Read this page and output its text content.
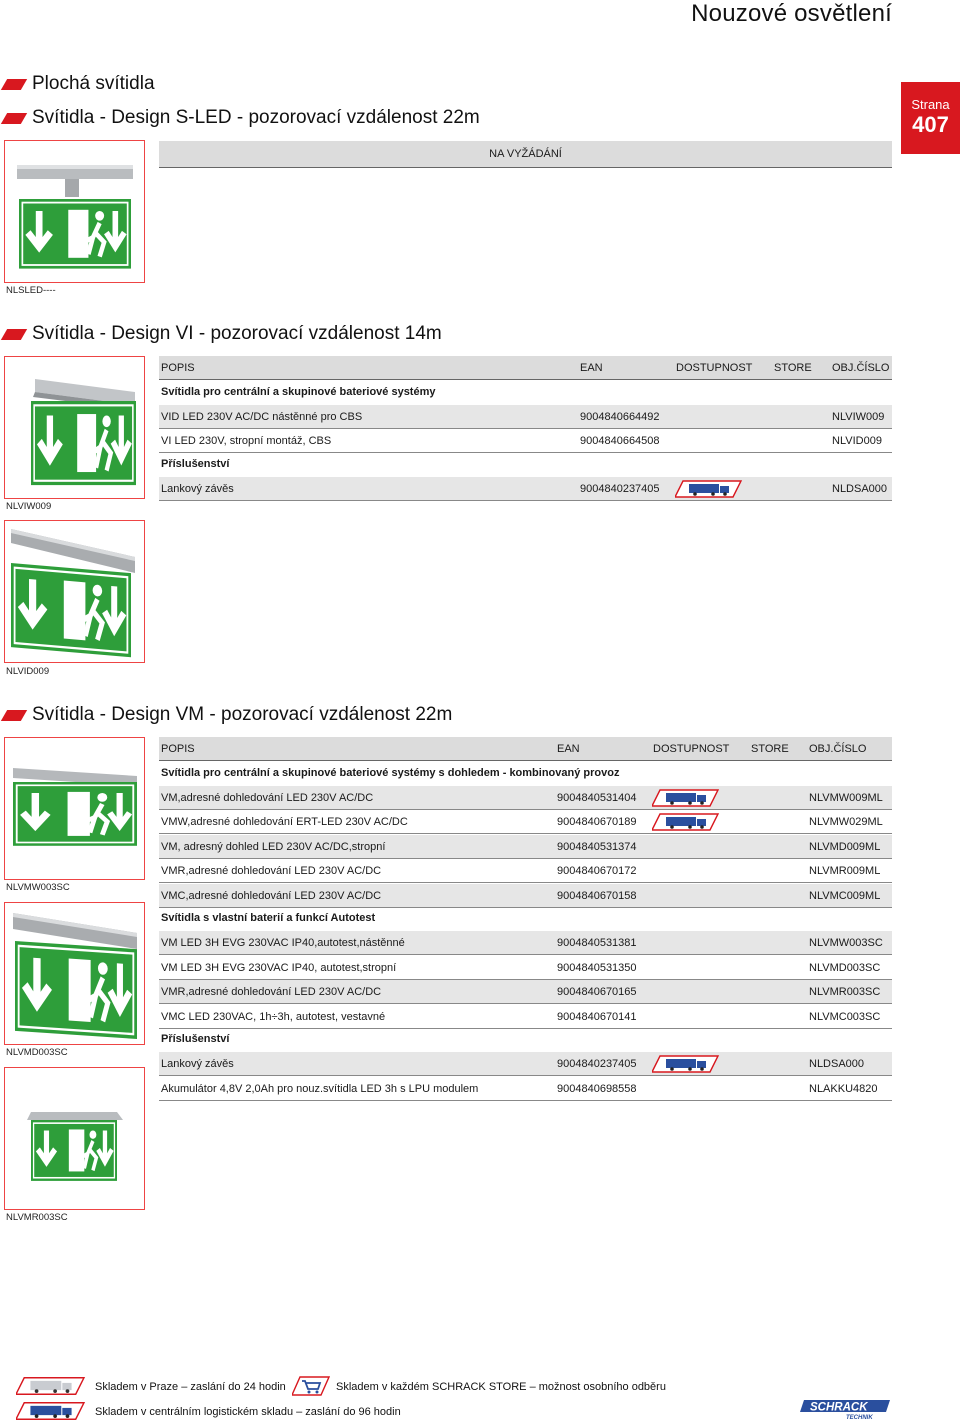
Nouzové osvětlení
Strana
407
Plochá svítidla
Svítidla - Design S-LED - pozorovací vzdálenost 22m
NLSLED----
NA VYŽÁDÁNÍ
Svítidla - Design VI - pozorovací vzdálenost 14m
NLVIW009
NLVID009
POPIS	EAN	DOSTUPNOST STORE OBJ.ČÍSLO
Svítidla pro centrální a skupinové bateriové systémy
VID LED 230V AC/DC nástěnné pro CBS	9004840664492	NLVIW009
VI LED 230V, stropní montáž, CBS	9004840664508	NLVID009
Příslušenství
Lankový závěs	9004840237405	NLDSA000
Svítidla - Design VM - pozorovací vzdálenost 22m
NLVMW003SC
NLVMD003SC
NLVMR003SC
POPIS	EAN	DOSTUPNOST STORE OBJ.ČÍSLO
Svítidla pro centrální a skupinové bateriové systémy s dohledem - kombinovaný provoz
VM,adresné dohledování LED 230V AC/DC	9004840531404	NLVMW009ML
VMW,adresné dohledování ERT-LED 230V AC/DC	9004840670189	NLVMW029ML
VM, adresný dohled LED 230V AC/DC,stropní	9004840531374	NLVMD009ML
VMR,adresné dohledování LED 230V AC/DC	9004840670172	NLVMR009ML
VMC,adresné dohledování LED 230V AC/DC	9004840670158	NLVMC009ML
Svítidla s vlastní baterií a funkcí Autotest
VM LED 3H EVG 230VAC IP40,autotest,nástěnné	9004840531381	NLVMW003SC
VM LED 3H EVG 230VAC IP40, autotest,stropní	9004840531350	NLVMD003SC
VMR,adresné dohledování LED 230V AC/DC	9004840670165	NLVMR003SC
VMC LED 230VAC, 1h÷3h, autotest, vestavné	9004840670141	NLVMC003SC
Příslušenství
Lankový závěs	9004840237405	NLDSA000
Akumulátor 4,8V 2,0Ah pro nouz.svítidla LED 3h s LPU modulem	9004840698558	NLAKKU4820
Skladem v Praze – zaslání do 24 hodin	Skladem v každém SCHRACK STORE – možnost osobního odběru
Skladem v centrálním logistickém skladu – zaslání do 96 hodin	SCHRACK
TECHNIK
